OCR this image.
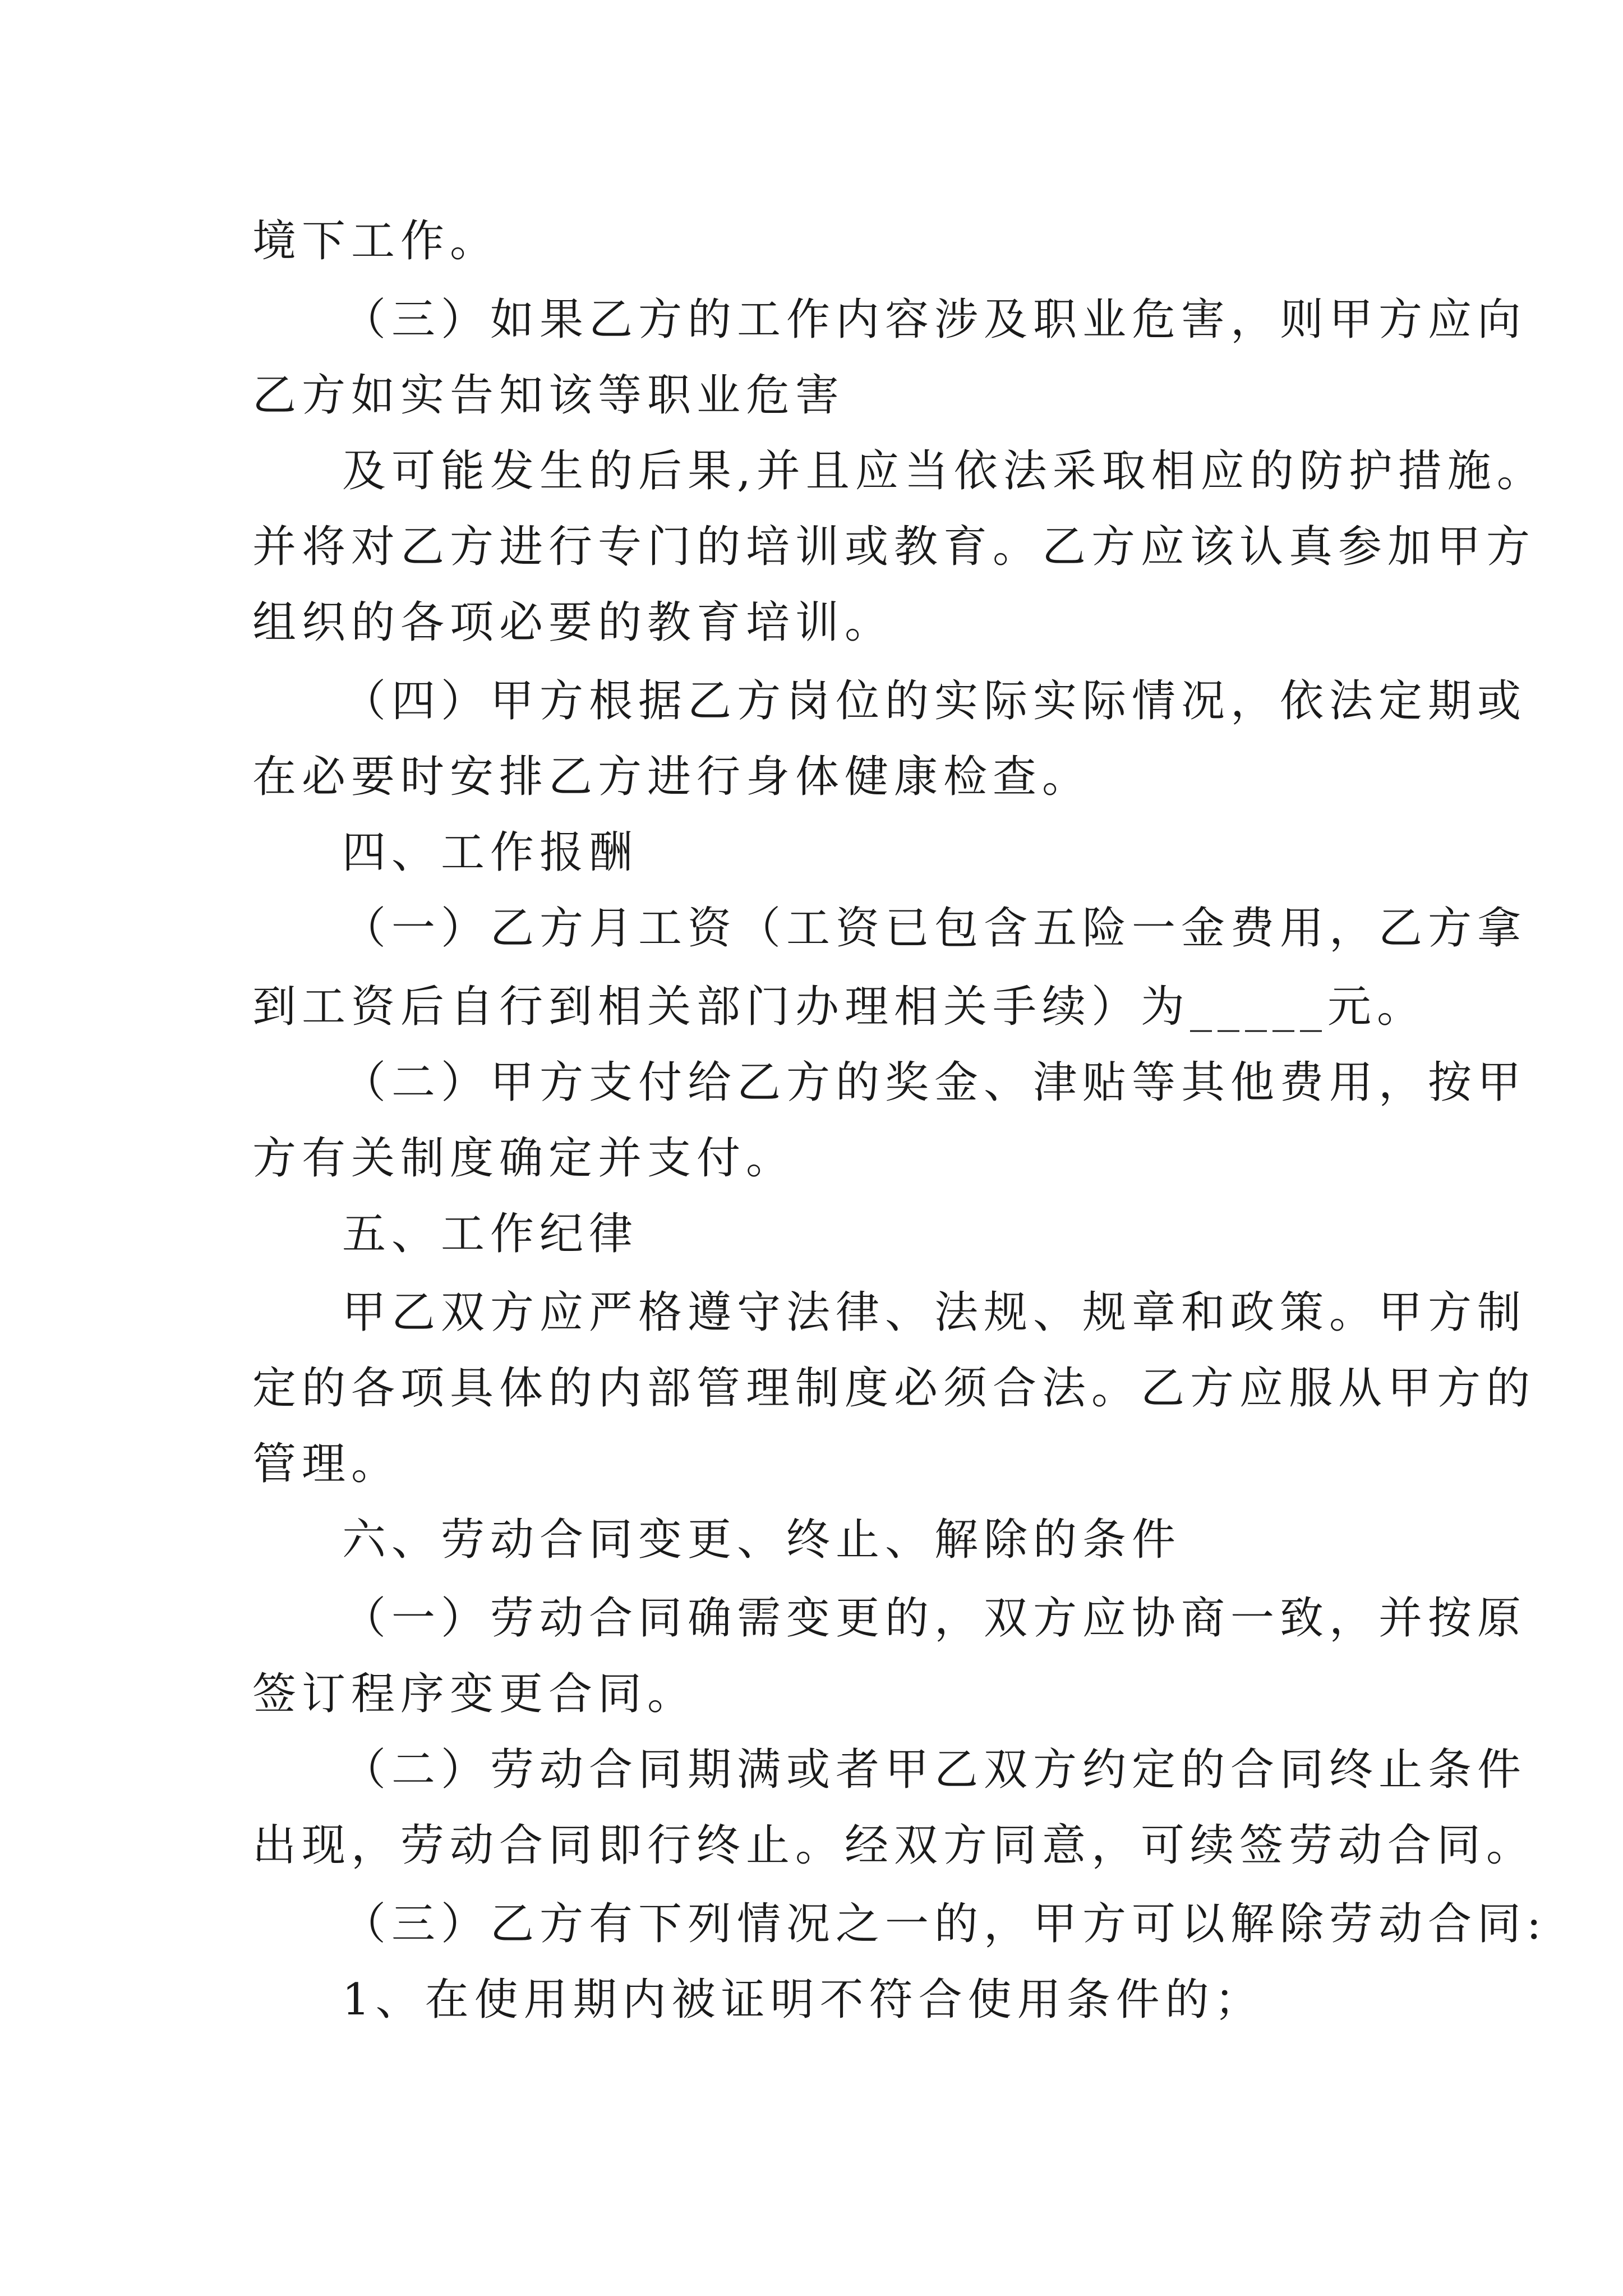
境下工作。
（三）如果乙方的工作内容涉及职业危害，则甲方应向
乙方如实告知该等职业危害
及可能发生的后果,并且应当依法采取相应的防护措施。
并将对乙方进行专门的培训或教育。乙方应该认真参加甲方
组织的各项必要的教育培训。
（四）甲方根据乙方岗位的实际实际情况，依法定期或
在必要时安排乙方进行身体健康检查。
四、工作报酬
（一）乙方月工资（工资已包含五险一金费用，乙方拿
到工资后自行到相关部门办理相关手续）为_____元。
（二）甲方支付给乙方的奖金、津贴等其他费用，按甲
方有关制度确定并支付。
五、工作纪律
甲乙双方应严格遵守法律、法规、规章和政策。甲方制
定的各项具体的内部管理制度必须合法。乙方应服从甲方的
管理。
六、劳动合同变更、终止、解除的条件
（一）劳动合同确需变更的，双方应协商一致，并按原
签订程序变更合同。
（二）劳动合同期满或者甲乙双方约定的合同终止条件
出现，劳动合同即行终止。经双方同意，可续签劳动合同。
（三）乙方有下列情况之一的，甲方可以解除劳动合同:
1、在使用期内被证明不符合使用条件的；
